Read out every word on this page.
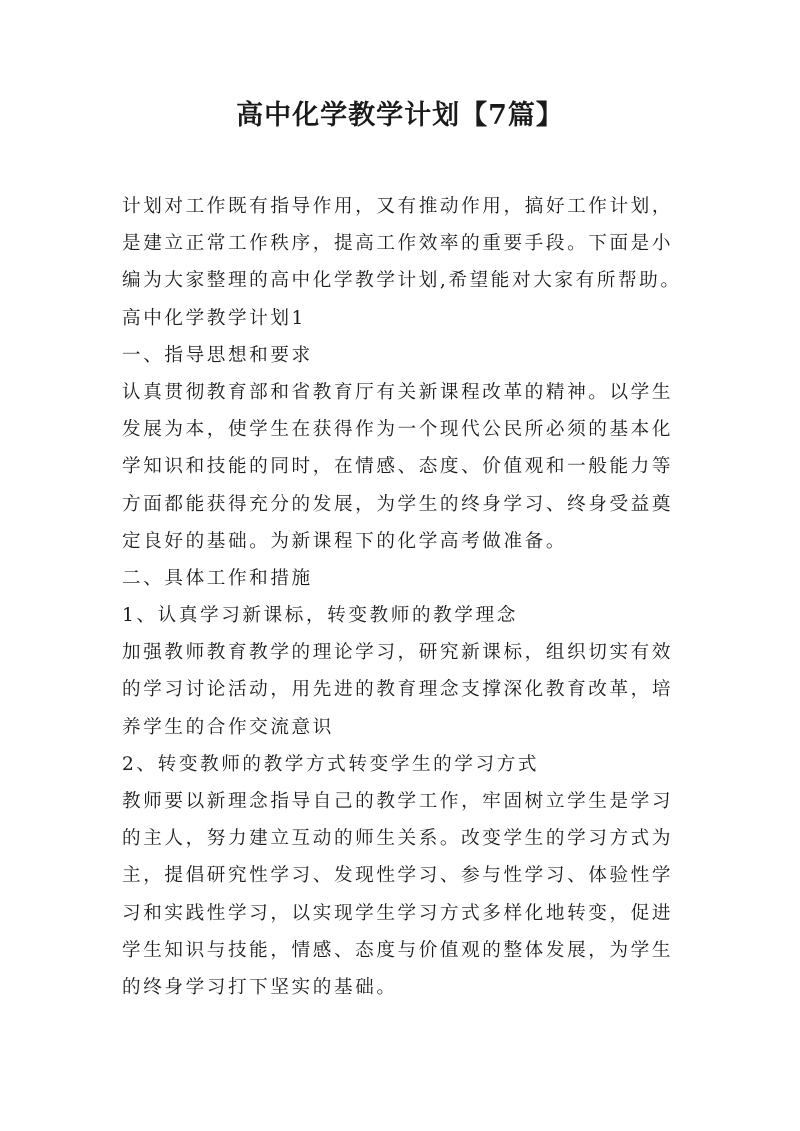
高中化学教学计划【7篇】
计划对工作既有指导作用，又有推动作用，搞好工作计划，
是建立正常工作秩序，提高工作效率的重要手段。下面是小
编为大家整理的高中化学教学计划,希望能对大家有所帮助。
高中化学教学计划1
一、指导思想和要求
认真贯彻教育部和省教育厅有关新课程改革的精神。以学生
发展为本，使学生在获得作为一个现代公民所必须的基本化
学知识和技能的同时，在情感、态度、价值观和一般能力等
方面都能获得充分的发展，为学生的终身学习、终身受益奠
定良好的基础。为新课程下的化学高考做准备。
二、具体工作和措施
1、认真学习新课标，转变教师的教学理念
加强教师教育教学的理论学习，研究新课标，组织切实有效
的学习讨论活动，用先进的教育理念支撑深化教育改革，培
养学生的合作交流意识
2、转变教师的教学方式转变学生的学习方式
教师要以新理念指导自己的教学工作，牢固树立学生是学习
的主人，努力建立互动的师生关系。改变学生的学习方式为
主，提倡研究性学习、发现性学习、参与性学习、体验性学
习和实践性学习，以实现学生学习方式多样化地转变，促进
学生知识与技能，情感、态度与价值观的整体发展，为学生
的终身学习打下坚实的基础。
